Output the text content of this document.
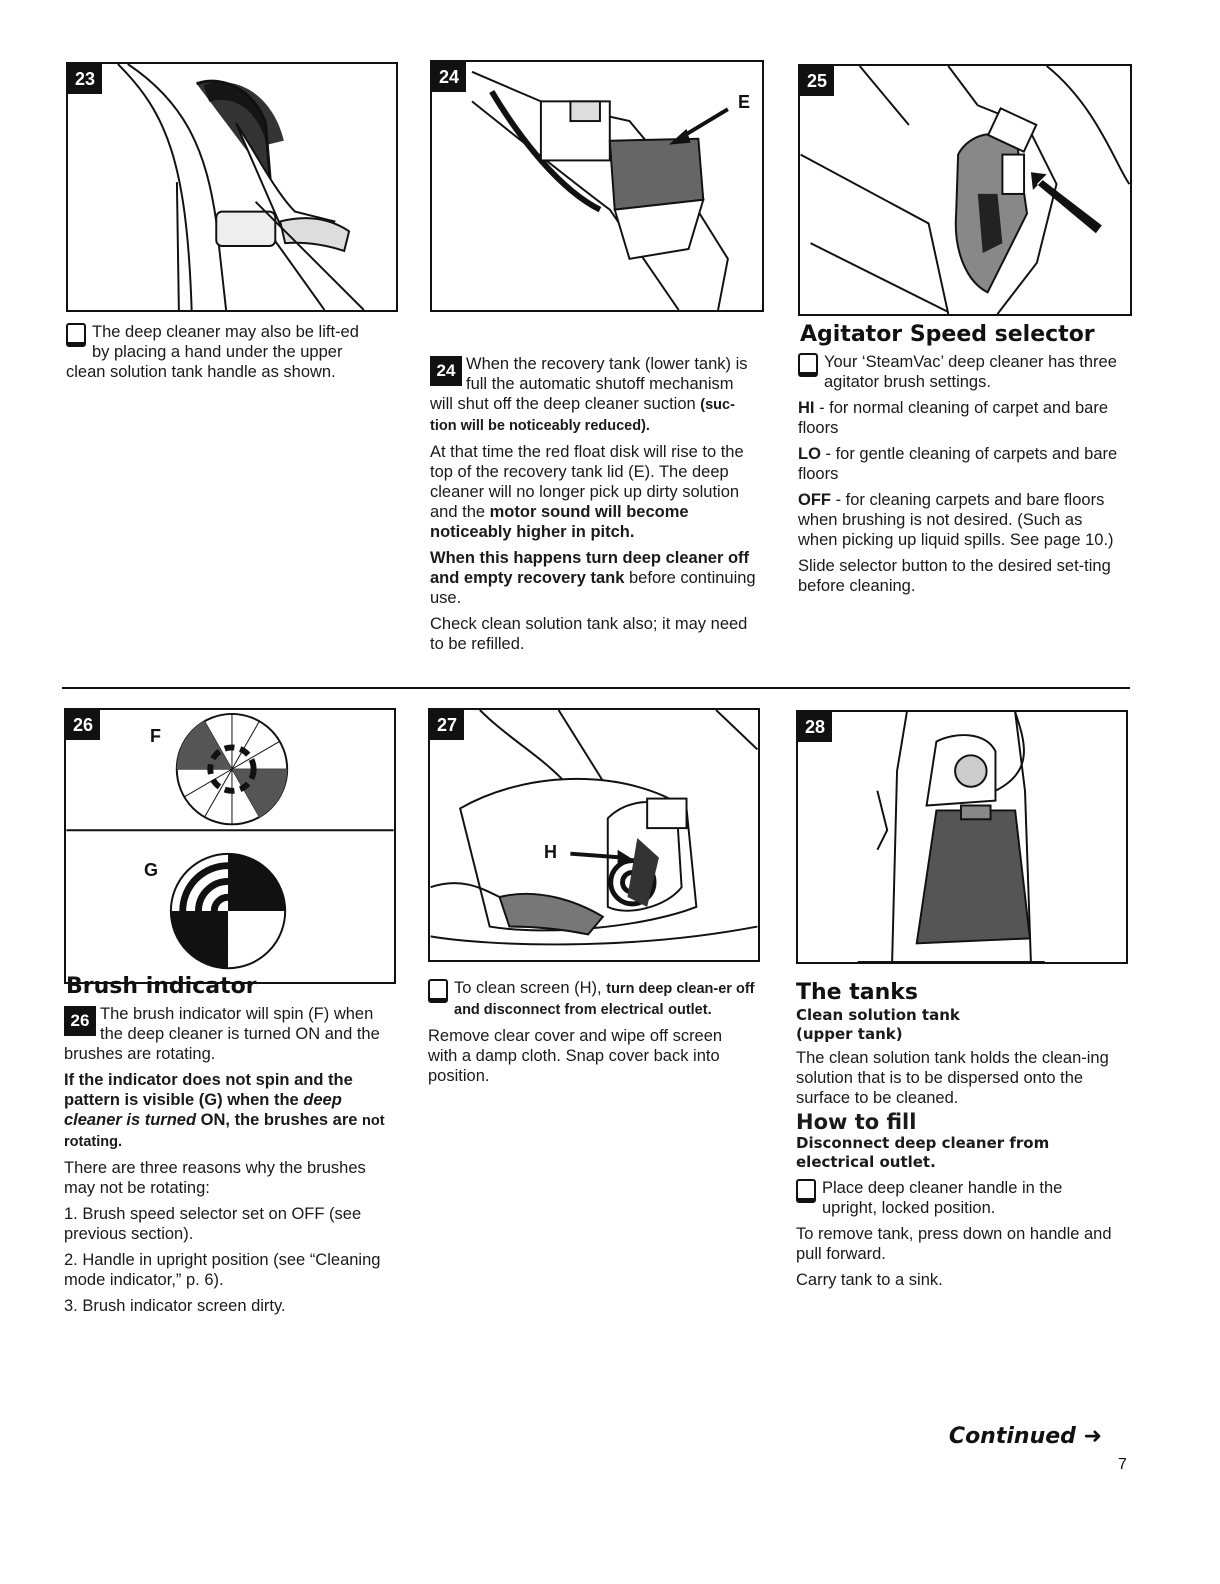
23
The deep cleaner may also be lift-ed by placing a hand under the upper clean solution tank handle as shown.
24
E

24 When the recovery tank (lower tank) is full the automatic shutoff mechanism will shut off the deep cleaner suction (suc-tion will be noticeably reduced).

At that time the red float disk will rise to the top of the recovery tank lid (E). The deep cleaner will no longer pick up dirty solution and the motor sound will become noticeably higher in pitch.

When this happens turn deep cleaner off and empty recovery tank before continuing use.

Check clean solution tank also; it may need to be refilled.

25
Agitator Speed selector

Your ‘SteamVac’ deep cleaner has three agitator brush settings.

HI - for normal cleaning of carpet and bare floors

LO - for gentle cleaning of carpets and bare floors

OFF - for cleaning carpets and bare floors when brushing is not desired. (Such as when picking up liquid spills. See page 10.)

Slide selector button to the desired set-ting before cleaning.

26
F
G
Brush indicator

26 The brush indicator will spin (F) when the deep cleaner is turned ON and the brushes are rotating.

If the indicator does not spin and the pattern is visible (G) when the deep cleaner is turned ON, the brushes are not rotating.

There are three reasons why the brushes may not be rotating:

1. Brush speed selector set on OFF (see previous section).

2. Handle in upright position (see “Cleaning mode indicator,” p. 6).

3. Brush indicator screen dirty.

27
H

To clean screen (H), turn deep clean-er off and disconnect from electrical outlet.

Remove clear cover and wipe off screen with a damp cloth. Snap cover back into position.

28
The tanks
Clean solution tank
(upper tank)

The clean solution tank holds the clean-ing solution that is to be dispersed onto the surface to be cleaned.

How to fill
Disconnect deep cleaner from electrical outlet.

Place deep cleaner handle in the upright, locked position.

To remove tank, press down on handle and pull forward.

Carry tank to a sink.

Continued ➜
7
